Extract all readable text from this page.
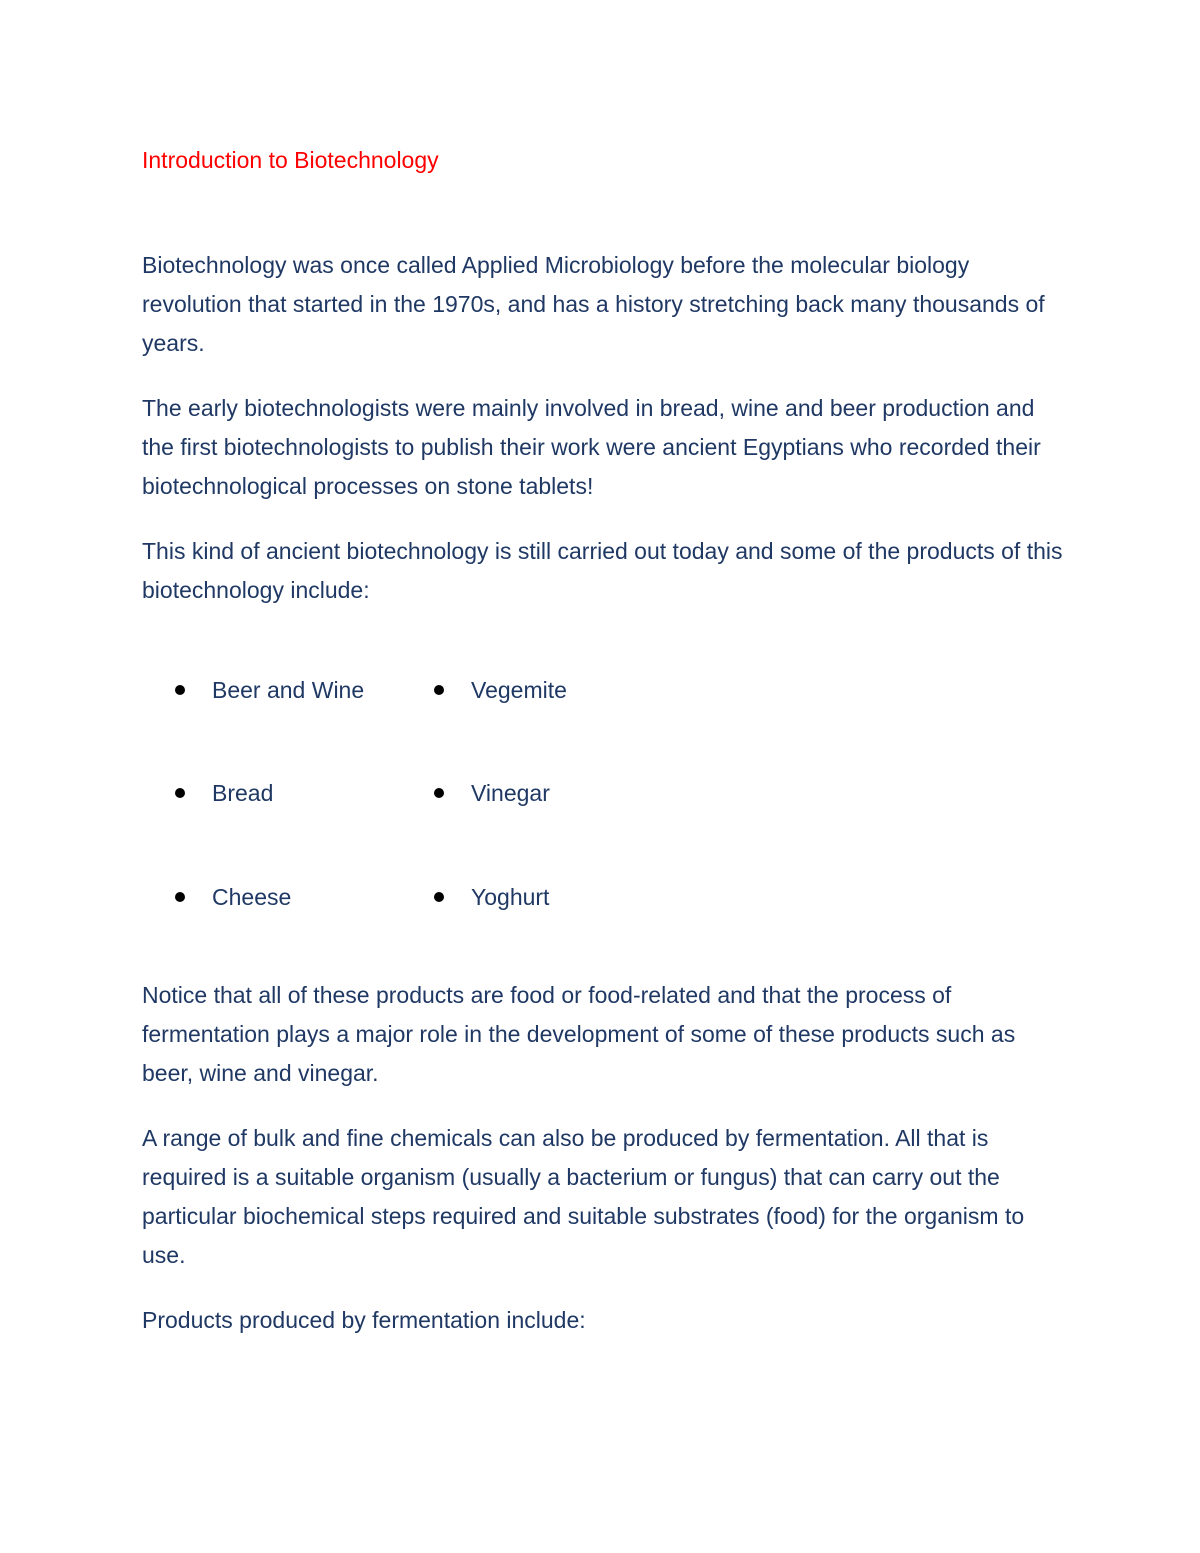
Introduction to Biotechnology

Biotechnology was once called Applied Microbiology before the molecular biology revolution that started in the 1970s, and has a history stretching back many thousands of years.

The early biotechnologists were mainly involved in bread, wine and beer production and the first biotechnologists to publish their work were ancient Egyptians who recorded their biotechnological processes on stone tablets!

This kind of ancient biotechnology is still carried out today and some of the products of this biotechnology include:

Beer and Wine	Vegemite
Bread	Vinegar
Cheese	Yoghurt

Notice that all of these products are food or food-related and that the process of fermentation plays a major role in the development of some of these products such as beer, wine and vinegar.

A range of bulk and fine chemicals can also be produced by fermentation. All that is required is a suitable organism (usually a bacterium or fungus) that can carry out the particular biochemical steps required and suitable substrates (food) for the organism to use.

Products produced by fermentation include:
